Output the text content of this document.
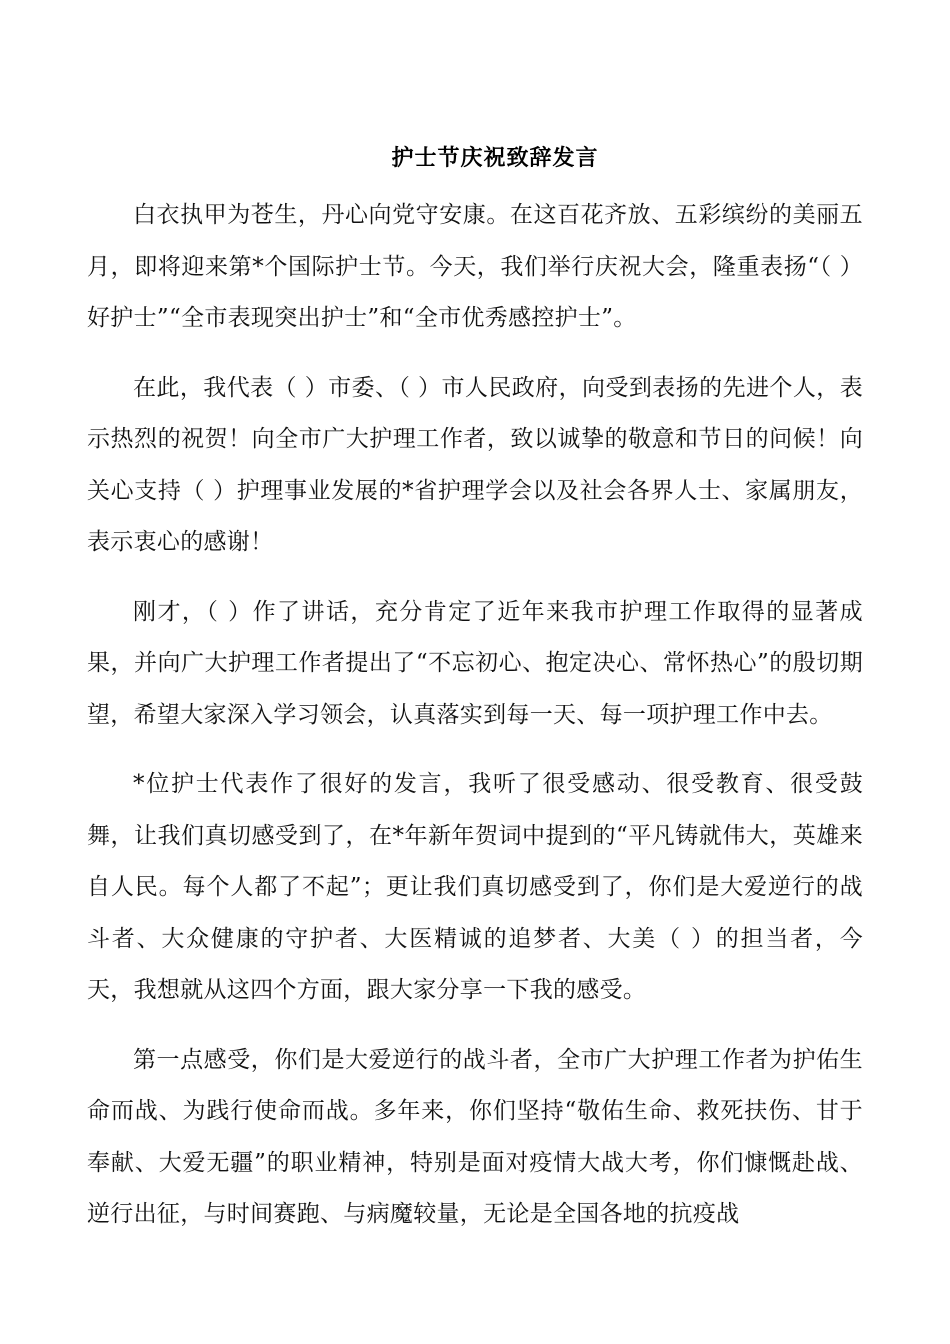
护士节庆祝致辞发言

白衣执甲为苍生，丹心向党守安康。在这百花齐放、五彩缤纷的美丽五月，即将迎来第*个国际护士节。今天，我们举行庆祝大会，隆重表扬“（ ）好护士”“全市表现突出护士”和“全市优秀感控护士”。

在此，我代表（ ）市委、（ ）市人民政府，向受到表扬的先进个人，表示热烈的祝贺！向全市广大护理工作者，致以诚挚的敬意和节日的问候！向关心支持（ ）护理事业发展的*省护理学会以及社会各界人士、家属朋友，表示衷心的感谢！

刚才，（ ）作了讲话，充分肯定了近年来我市护理工作取得的显著成果，并向广大护理工作者提出了“不忘初心、抱定决心、常怀热心”的殷切期望，希望大家深入学习领会，认真落实到每一天、每一项护理工作中去。

*位护士代表作了很好的发言，我听了很受感动、很受教育、很受鼓舞，让我们真切感受到了，在*年新年贺词中提到的“平凡铸就伟大，英雄来自人民。每个人都了不起”；更让我们真切感受到了，你们是大爱逆行的战斗者、大众健康的守护者、大医精诚的追梦者、大美（ ）的担当者，今天，我想就从这四个方面，跟大家分享一下我的感受。

第一点感受，你们是大爱逆行的战斗者，全市广大护理工作者为护佑生命而战、为践行使命而战。多年来，你们坚持“敬佑生命、救死扶伤、甘于奉献、大爱无疆”的职业精神，特别是面对疫情大战大考，你们慷慨赴战、逆行出征，与时间赛跑、与病魔较量，无论是全国各地的抗疫战
